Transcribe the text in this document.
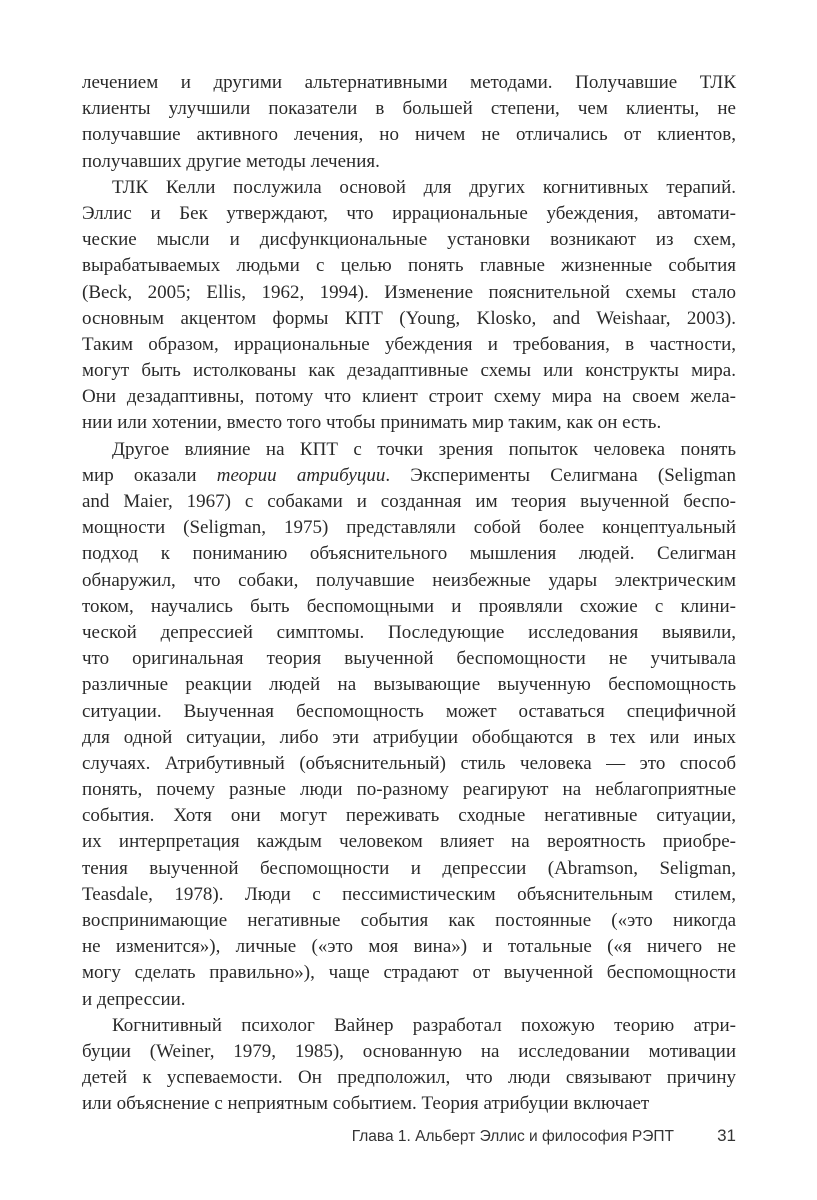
лечением и другими альтернативными методами. Получавшие ТЛК
клиенты улучшили показатели в большей степени, чем клиенты, не
получавшие активного лечения, но ничем не отличались от клиентов,
получавших другие методы лечения.
ТЛК Келли послужила основой для других когнитивных терапий.
Эллис и Бек утверждают, что иррациональные убеждения, автомати-
ческие мысли и дисфункциональные установки возникают из схем,
вырабатываемых людьми с целью понять главные жизненные события
(Beck, 2005; Ellis, 1962, 1994). Изменение пояснительной схемы стало
основным акцентом формы КПТ (Young, Klosko, and Weishaar, 2003).
Таким образом, иррациональные убеждения и требования, в частности,
могут быть истолкованы как дезадаптивные схемы или конструкты мира.
Они дезадаптивны, потому что клиент строит схему мира на своем жела-
нии или хотении, вместо того чтобы принимать мир таким, как он есть.
Другое влияние на КПТ с точки зрения попыток человека понять
мир оказали теории атрибуции. Эксперименты Селигмана (Seligman
and Maier, 1967) с собаками и созданная им теория выученной беспо-
мощности (Seligman, 1975) представляли собой более концептуальный
подход к пониманию объяснительного мышления людей. Селигман
обнаружил, что собаки, получавшие неизбежные удары электрическим
током, научались быть беспомощными и проявляли схожие с клини-
ческой депрессией симптомы. Последующие исследования выявили,
что оригинальная теория выученной беспомощности не учитывала
различные реакции людей на вызывающие выученную беспомощность
ситуации. Выученная беспомощность может оставаться специфичной
для одной ситуации, либо эти атрибуции обобщаются в тех или иных
случаях. Атрибутивный (объяснительный) стиль человека — это способ
понять, почему разные люди по-разному реагируют на неблагоприятные
события. Хотя они могут переживать сходные негативные ситуации,
их интерпретация каждым человеком влияет на вероятность приобре-
тения выученной беспомощности и депрессии (Abramson, Seligman,
Teasdale, 1978). Люди с пессимистическим объяснительным стилем,
воспринимающие негативные события как постоянные («это никогда
не изменится»), личные («это моя вина») и тотальные («я ничего не
могу сделать правильно»), чаще страдают от выученной беспомощности
и депрессии.
Когнитивный психолог Вайнер разработал похожую теорию атри-
буции (Weiner, 1979, 1985), основанную на исследовании мотивации
детей к успеваемости. Он предположил, что люди связывают причину
или объяснение с неприятным событием. Теория атрибуции включает
Глава 1. Альберт Эллис и философия РЭПТ	31
